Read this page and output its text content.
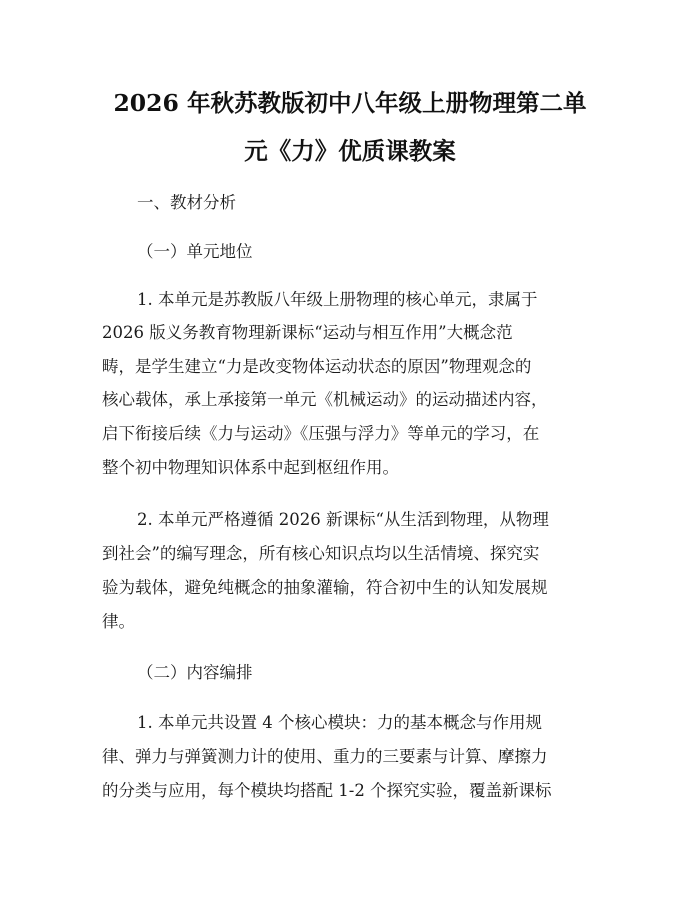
2026 年秋苏教版初中八年级上册物理第二单
元《力》优质课教案
一、教材分析
（一）单元地位
1. 本单元是苏教版八年级上册物理的核心单元，隶属于
2026 版义务教育物理新课标“运动与相互作用”大概念范
畴，是学生建立“力是改变物体运动状态的原因”物理观念的
核心载体，承上承接第一单元《机械运动》的运动描述内容，
启下衔接后续《力与运动》《压强与浮力》等单元的学习，在
整个初中物理知识体系中起到枢纽作用。
2. 本单元严格遵循 2026 新课标“从生活到物理，从物理
到社会”的编写理念，所有核心知识点均以生活情境、探究实
验为载体，避免纯概念的抽象灌输，符合初中生的认知发展规
律。
（二）内容编排
1. 本单元共设置 4 个核心模块：力的基本概念与作用规
律、弹力与弹簧测力计的使用、重力的三要素与计算、摩擦力
的分类与应用，每个模块均搭配 1-2 个探究实验，覆盖新课标
